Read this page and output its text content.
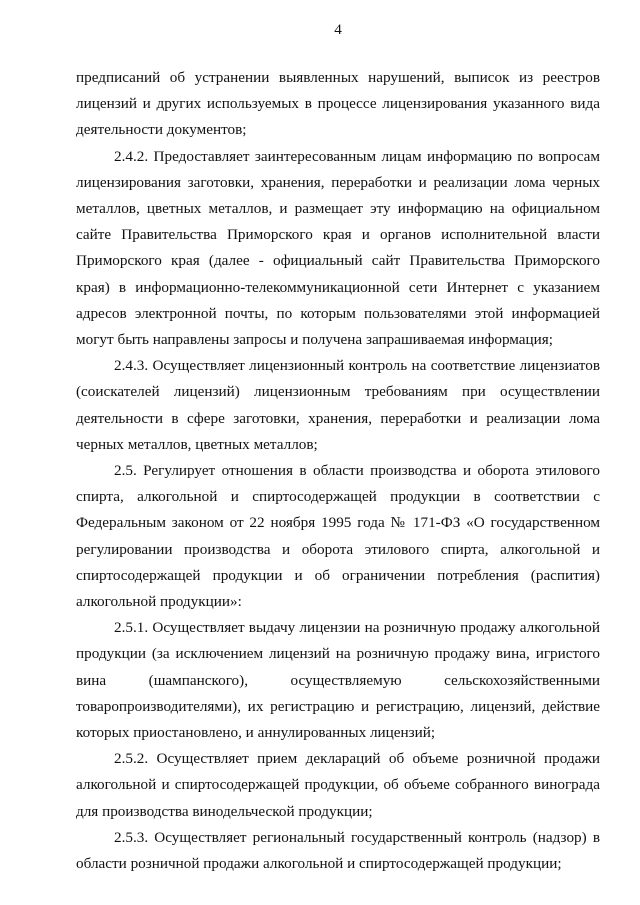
4

предписаний об устранении выявленных нарушений, выписок из реестров лицензий и других используемых в процессе лицензирования указанного вида деятельности документов;

2.4.2. Предоставляет заинтересованным лицам информацию по вопросам лицензирования заготовки, хранения, переработки и реализации лома черных металлов, цветных металлов, и размещает эту информацию на официальном сайте Правительства Приморского края и органов исполнительной власти Приморского края (далее - официальный сайт Правительства Приморского края) в информационно-телекоммуникационной сети Интернет с указанием адресов электронной почты, по которым пользователями этой информацией могут быть направлены запросы и получена запрашиваемая информация;

2.4.3. Осуществляет лицензионный контроль на соответствие лицензиатов (соискателей лицензий) лицензионным требованиям при осуществлении деятельности в сфере заготовки, хранения, переработки и реализации лома черных металлов, цветных металлов;

2.5. Регулирует отношения в области производства и оборота этилового спирта, алкогольной и спиртосодержащей продукции в соответствии с Федеральным законом от 22 ноября 1995 года № 171-ФЗ «О государственном регулировании производства и оборота этилового спирта, алкогольной и спиртосодержащей продукции и об ограничении потребления (распития) алкогольной продукции»:

2.5.1. Осуществляет выдачу лицензии на розничную продажу алкогольной продукции (за исключением лицензий на розничную продажу вина, игристого вина (шампанского), осуществляемую сельскохозяйственными товаропроизводителями), их регистрацию и регистрацию, лицензий, действие которых приостановлено, и аннулированных лицензий;

2.5.2. Осуществляет прием деклараций об объеме розничной продажи алкогольной и спиртосодержащей продукции, об объеме собранного винограда для производства винодельческой продукции;

2.5.3. Осуществляет региональный государственный контроль (надзор) в области розничной продажи алкогольной и спиртосодержащей продукции;
